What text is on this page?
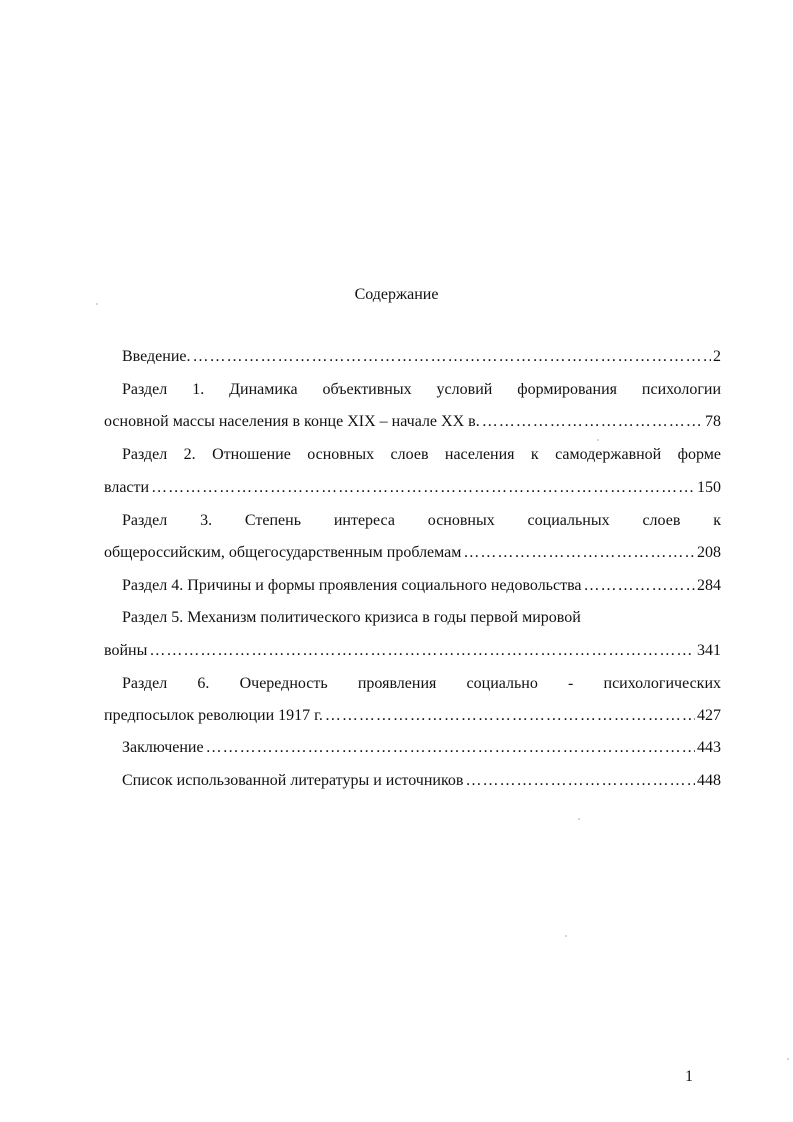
Содержание
Введение. …………………………………………………………………………………………………………………………………………………………………………………	2
Раздел 1. Динамика объективных условий формирования психологии
основной массы населения в конце XIX – начале XX в. …………………………………………………………………………………………………………………………………………………………………………………	78
Раздел 2. Отношение основных слоев населения к самодержавной форме
власти …………………………………………………………………………………………………………………………………………………………………………………	150
Раздел 3. Степень интереса основных социальных слоев к
общероссийским, общегосударственным проблемам …………………………………………………………………………………………………………………………………………………………………………………	208
Раздел 4. Причины и формы проявления социального недовольства …………………………………………………………………………………………………………………………………………………………………………………	284
Раздел 5. Механизм политического кризиса в годы первой мировой
войны …………………………………………………………………………………………………………………………………………………………………………………	341
Раздел 6. Очередность проявления социально - психологических
предпосылок революции 1917 г. …………………………………………………………………………………………………………………………………………………………………………………	427
Заключение …………………………………………………………………………………………………………………………………………………………………………………	443
Список использованной литературы и источников …………………………………………………………………………………………………………………………………………………………………………………	448
1
